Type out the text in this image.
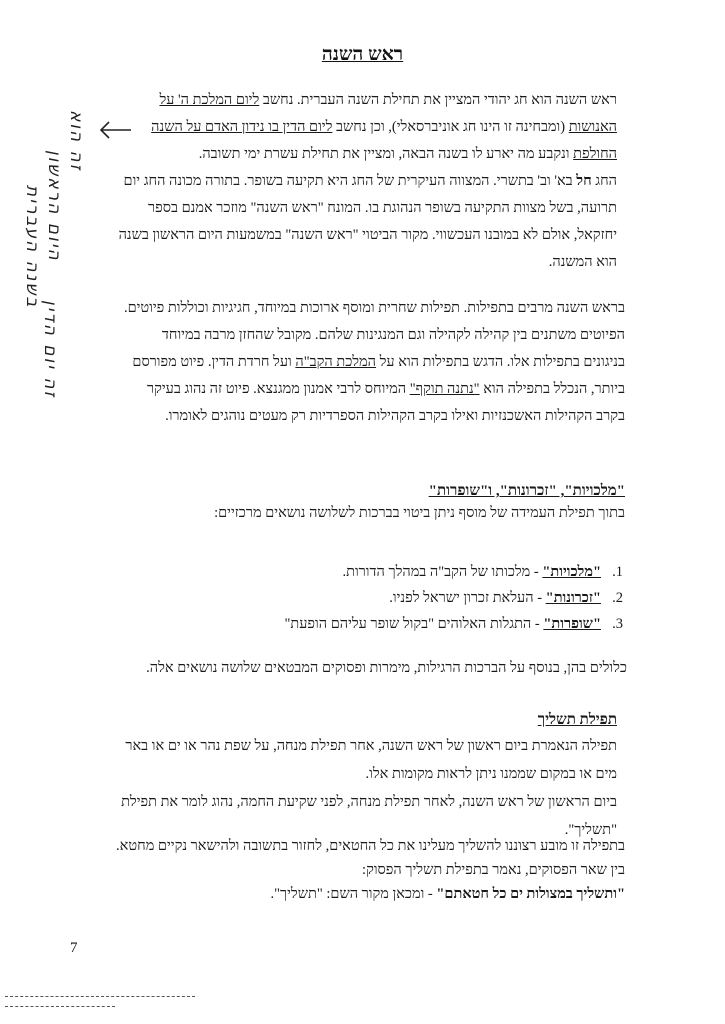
ראש השנה
ראש השנה הוא חג יהודי המציין את תחילת השנה העברית. נחשב ליום המלכת ה' על
האנושות (ומבחינה זו הינו חג אוניברסאלי), וכן נחשב ליום הדין בו נידון האדם על השנה
החולפת ונקבע מה יארע לו בשנה הבאה, ומציין את תחילת עשרת ימי תשובה.
החג חל בא' וב' בתשרי. המצווה העיקרית של החג היא תקיעה בשופר. בתורה מכונה החג יום
תרועה, בשל מצוות התקיעה בשופר הנהוגת בו. המונח "ראש השנה" מוזכר אמנם בספר
יחזקאל, אולם לא במובנו העכשווי. מקור הביטוי "ראש השנה" במשמעות היום הראשון בשנה
הוא המשנה.
בראש השנה מרבים בתפילות. תפילות שחרית ומוסף ארוכות במיוחד, חגיגיות וכוללות פיוטים.
הפיוטים משתנים בין קהילה לקהילה וגם המנגינות שלהם. מקובל שהחזן מרבה במיוחד
בניגונים בתפילות אלו. הדגש בתפילות הוא על המלכת הקב"ה ועל חרדת הדין. פיוט מפורסם
ביותר, הנכלל בתפילה הוא "נתנה תוקף" המיוחס לרבי אמנון ממגנצא. פיוט זה נהוג בעיקר
בקרב הקהילות האשכנזיות ואילו בקרב הקהילות הספרדיות רק מעטים נוהגים לאומרו.
"מלכויות", "זכרונות", ו"שופרות"
בתוך תפילת העמידה של מוסף ניתן ביטוי בברכות לשלושה נושאים מרכזיים:
1."מלכויות" - מלכותו של הקב"ה במהלך הדורות.
2."זכרונות" - העלאת זכרון ישראל לפניו.
3."שופרות" - התגלות האלוהים "בקול שופר עליהם הופעת"
כלולים בהן, בנוסף על הברכות הרגילות, מימרות ופסוקים המבטאים שלושה נושאים אלה.
תפילת תשליך
תפילה הנאמרת ביום ראשון של ראש השנה, אחר תפילת מנחה, על שפת נהר או ים או באר
מים או במקום שממנו ניתן לראות מקומות אלו.
ביום הראשון של ראש השנה, לאחר תפילת מנחה, לפני שקיעת החמה, נהוג לומר את תפילת
"תשליך".
בתפילה זו מובע רצוננו להשליך מעלינו את כל החטאים, לחזור בתשובה ולהישאר נקיים מחטא.
בין שאר הפסוקים, נאמר בתפילת תשליך הפסוק:
"ותשליך במצולות ים כל חטאתם" - ומכאן מקור השם: "תשליך".
זה הוא
היום הראשון
בשנה העברית
זה יום הדין
7
